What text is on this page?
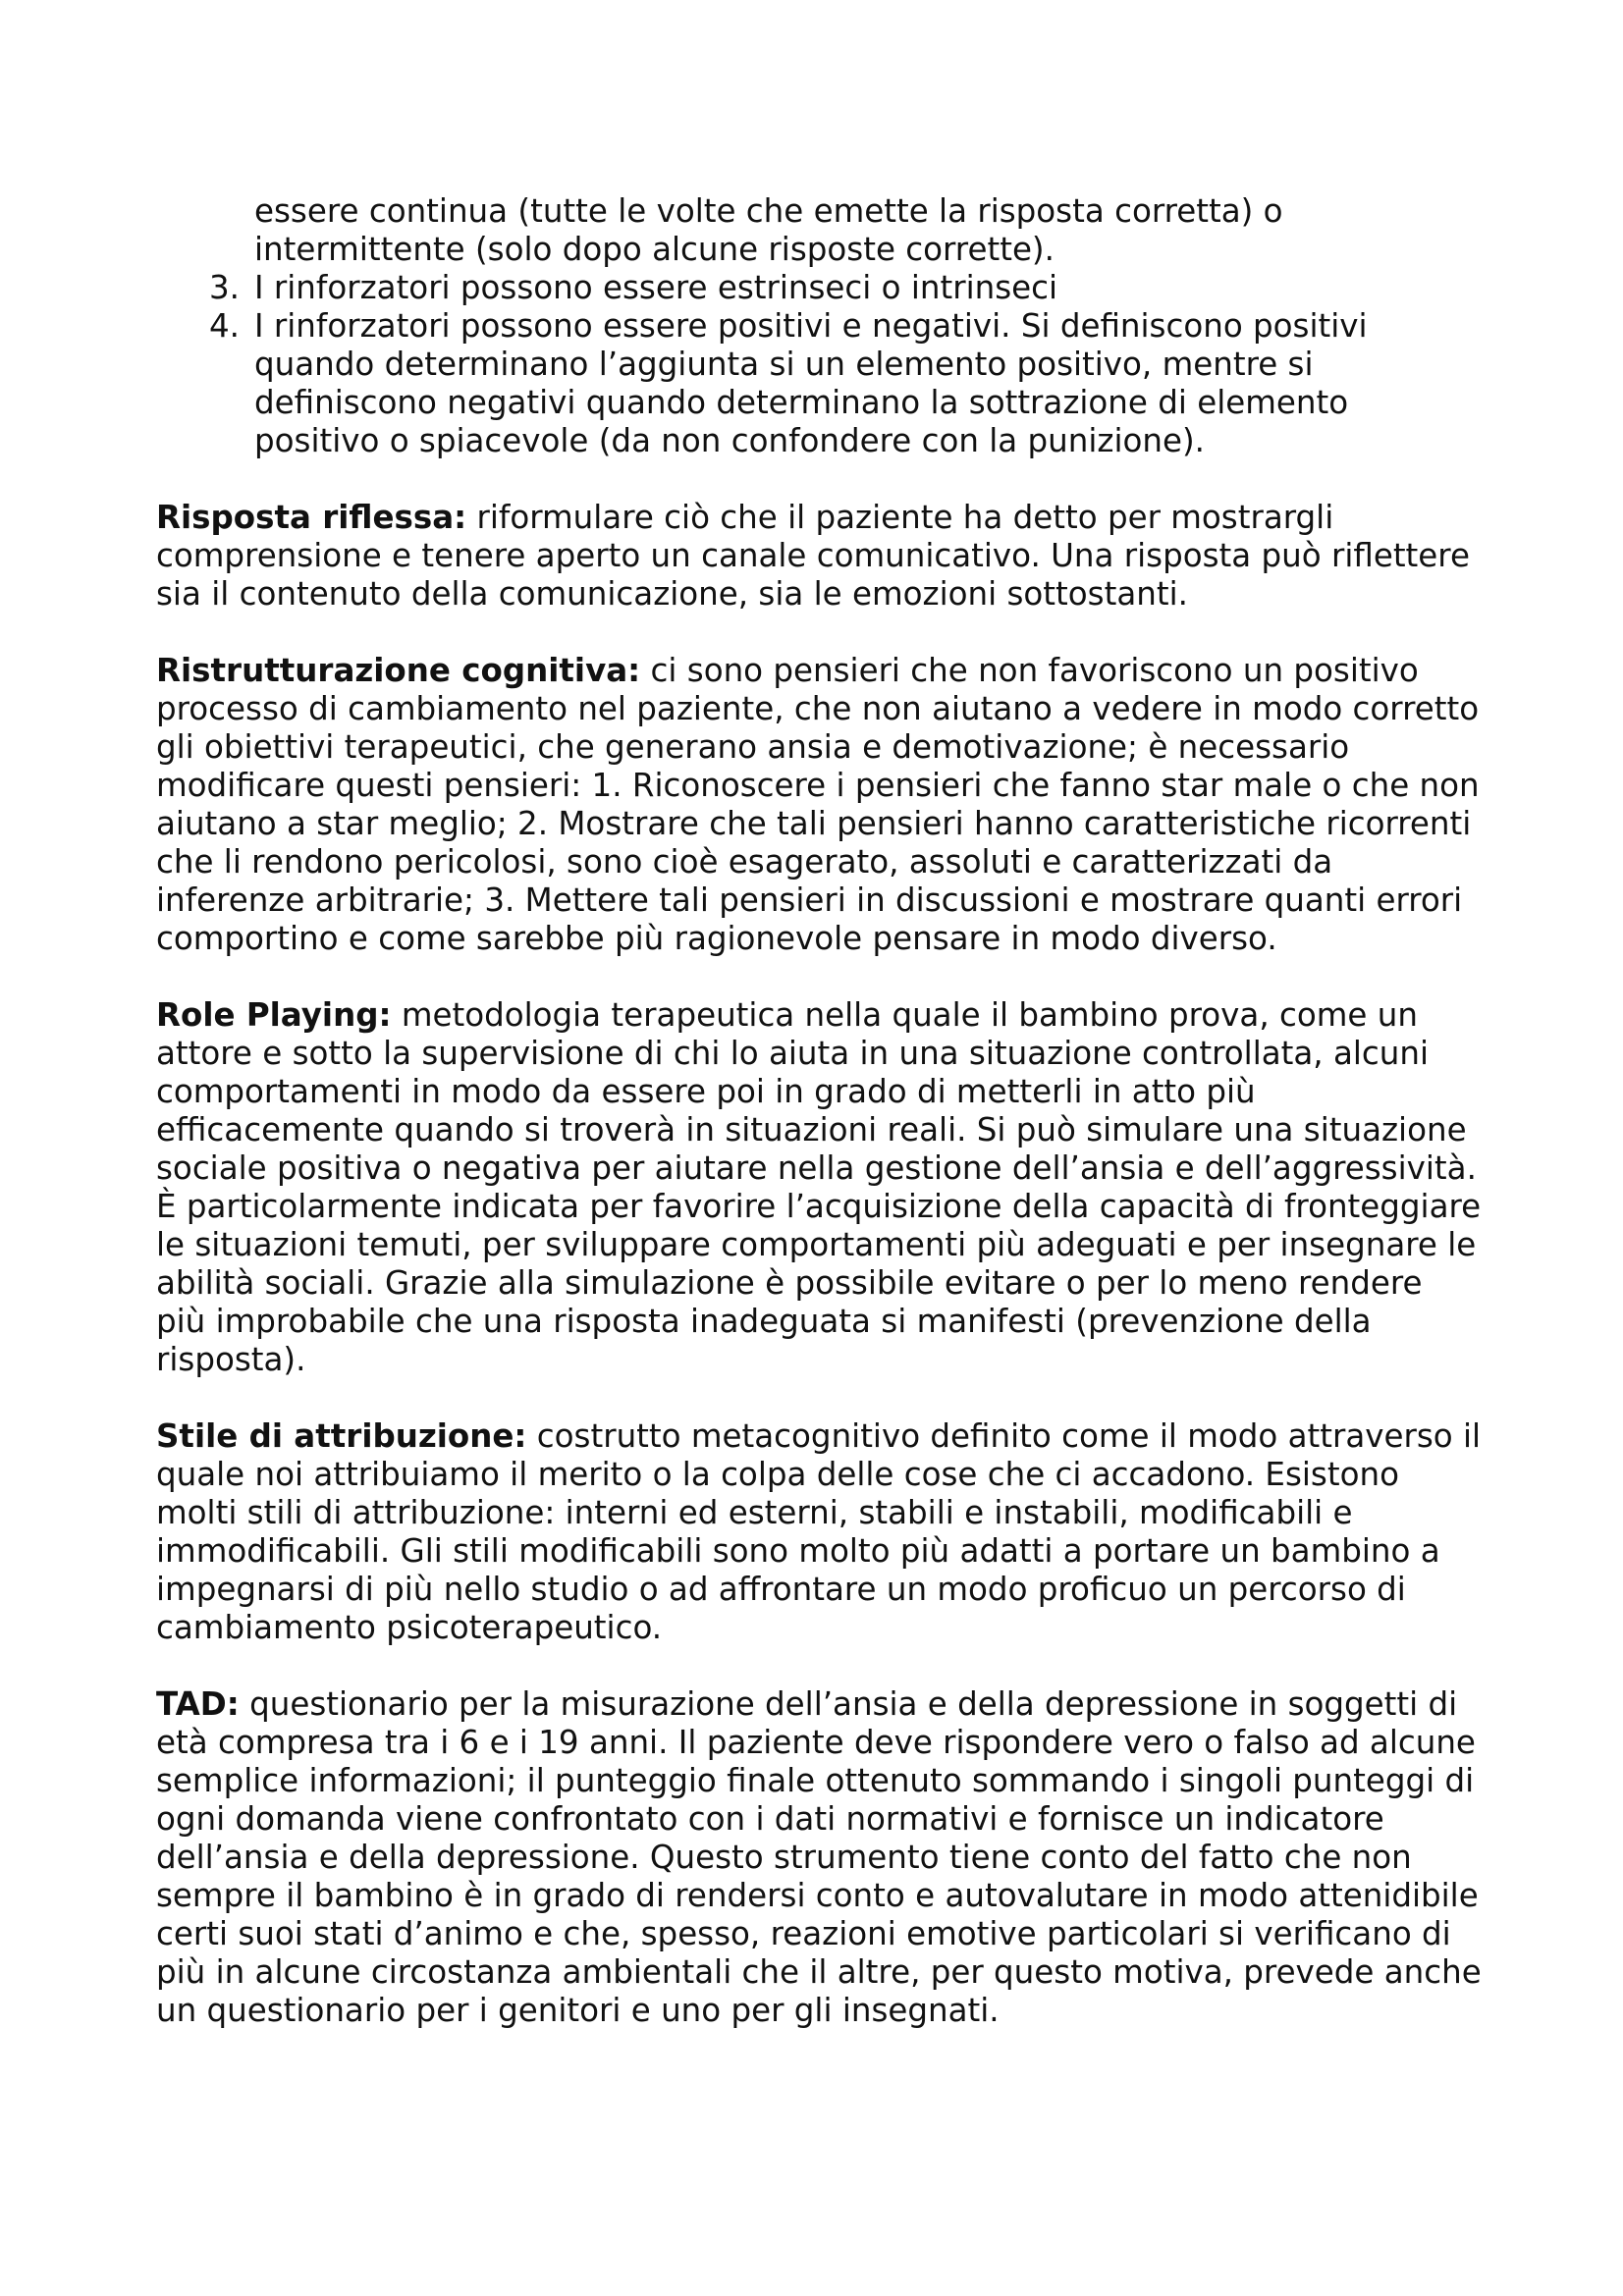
essere continua (tutte le volte che emette la risposta corretta) o intermittente (solo dopo alcune risposte corrette).
3. I rinforzatori possono essere estrinseci o intrinseci
4. I rinforzatori possono essere positivi e negativi. Si definiscono positivi quando determinano l’aggiunta si un elemento positivo, mentre si definiscono negativi quando determinano la sottrazione di elemento positivo o spiacevole (da non confondere con la punizione).

Risposta riflessa: riformulare ciò che il paziente ha detto per mostrargli comprensione e tenere aperto un canale comunicativo. Una risposta può riflettere sia il contenuto della comunicazione, sia le emozioni sottostanti.

Ristrutturazione cognitiva: ci sono pensieri che non favoriscono un positivo processo di cambiamento nel paziente, che non aiutano a vedere in modo corretto gli obiettivi terapeutici, che generano ansia e demotivazione; è necessario modificare questi pensieri: 1. Riconoscere i pensieri che fanno star male o che non aiutano a star meglio; 2. Mostrare che tali pensieri hanno caratteristiche ricorrenti che li rendono pericolosi, sono cioè esagerato, assoluti e caratterizzati da inferenze arbitrarie; 3. Mettere tali pensieri in discussioni e mostrare quanti errori comportino e come sarebbe più ragionevole pensare in modo diverso.

Role Playing: metodologia terapeutica nella quale il bambino prova, come un attore e sotto la supervisione di chi lo aiuta in una situazione controllata, alcuni comportamenti in modo da essere poi in grado di metterli in atto più efficacemente quando si troverà in situazioni reali. Si può simulare una situazione sociale positiva o negativa per aiutare nella gestione dell’ansia e dell’aggressività. È particolarmente indicata per favorire l’acquisizione della capacità di fronteggiare le situazioni temuti, per sviluppare comportamenti più adeguati e per insegnare le abilità sociali. Grazie alla simulazione è possibile evitare o per lo meno rendere più improbabile che una risposta inadeguata si manifesti (prevenzione della risposta).

Stile di attribuzione: costrutto metacognitivo definito come il modo attraverso il quale noi attribuiamo il merito o la colpa delle cose che ci accadono. Esistono molti stili di attribuzione: interni ed esterni, stabili e instabili, modificabili e immodificabili. Gli stili modificabili sono molto più adatti a portare un bambino a impegnarsi di più nello studio o ad affrontare un modo proficuo un percorso di cambiamento psicoterapeutico.

TAD: questionario per la misurazione dell’ansia e della depressione in soggetti di età compresa tra i 6 e i 19 anni. Il paziente deve rispondere vero o falso ad alcune semplice informazioni; il punteggio finale ottenuto sommando i singoli punteggi di ogni domanda viene confrontato con i dati normativi e fornisce un indicatore dell’ansia e della depressione. Questo strumento tiene conto del fatto che non sempre il bambino è in grado di rendersi conto e autovalutare in modo attenidibile certi suoi stati d’animo e che, spesso, reazioni emotive particolari si verificano di più in alcune circostanza ambientali che il altre, per questo motiva, prevede anche un questionario per i genitori e uno per gli insegnati.
